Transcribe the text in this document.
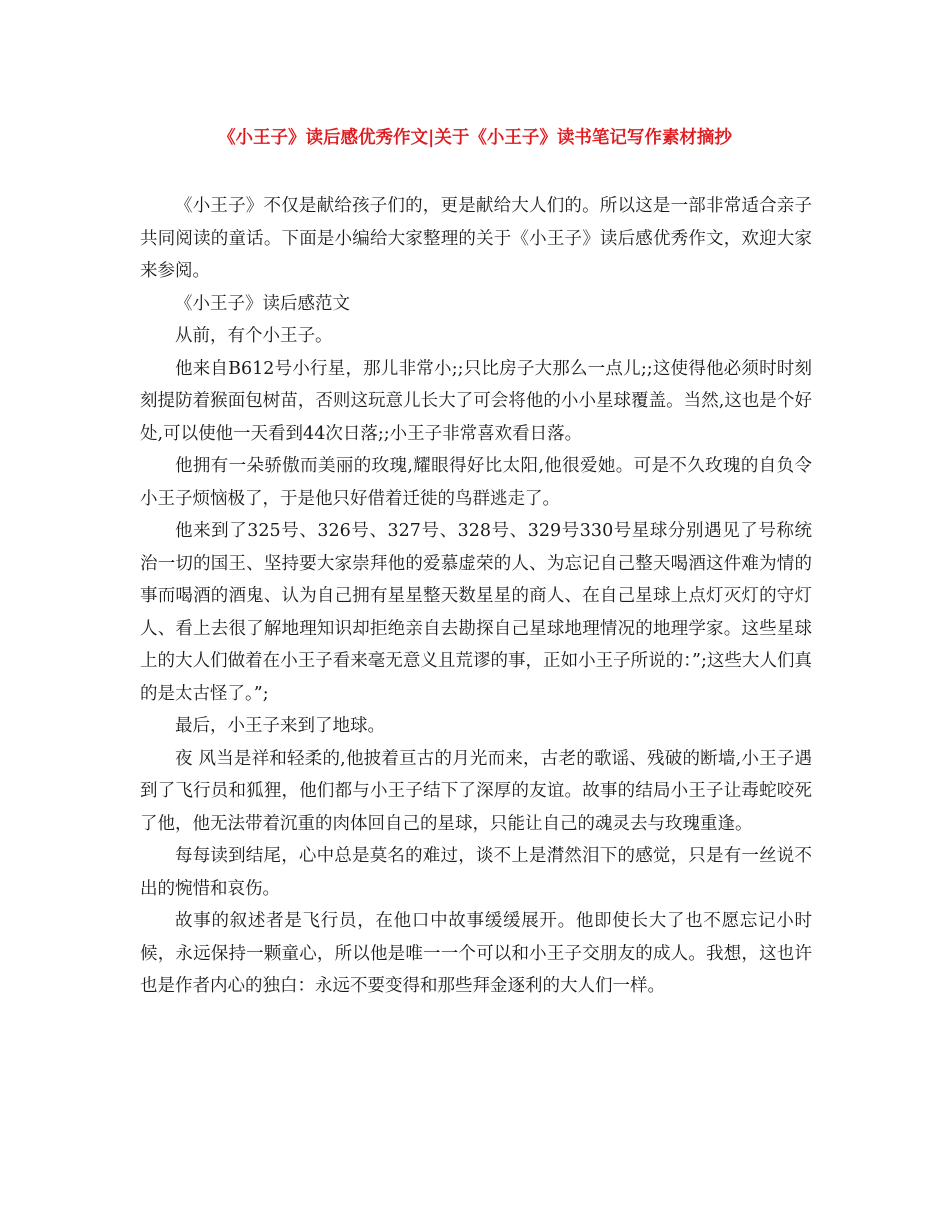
《小王子》读后感优秀作文|关于《小王子》读书笔记写作素材摘抄

《小王子》不仅是献给孩子们的，更是献给大人们的。所以这是一部非常适合亲子共同阅读的童话。下面是小编给大家整理的关于《小王子》读后感优秀作文，欢迎大家来参阅。

《小王子》读后感范文

从前，有个小王子。

他来自B612号小行星，那儿非常小;;只比房子大那么一点儿;;这使得他必须时时刻刻提防着猴面包树苗，否则这玩意儿长大了可会将他的小小星球覆盖。当然,这也是个好处,可以使他一天看到44次日落;;小王子非常喜欢看日落。

他拥有一朵骄傲而美丽的玫瑰,耀眼得好比太阳,他很爱她。可是不久玫瑰的自负令小王子烦恼极了，于是他只好借着迁徙的鸟群逃走了。

他来到了325号、326号、327号、328号、329号330号星球分别遇见了号称统治一切的国王、坚持要大家崇拜他的爱慕虚荣的人、为忘记自己整天喝酒这件难为情的事而喝酒的酒鬼、认为自己拥有星星整天数星星的商人、在自己星球上点灯灭灯的守灯人、看上去很了解地理知识却拒绝亲自去勘探自己星球地理情况的地理学家。这些星球上的大人们做着在小王子看来毫无意义且荒谬的事，正如小王子所说的：”;这些大人们真的是太古怪了。”;

最后，小王子来到了地球。

夜 风当是祥和轻柔的,他披着亘古的月光而来，古老的歌谣、残破的断墙,小王子遇到了飞行员和狐狸，他们都与小王子结下了深厚的友谊。故事的结局小王子让毒蛇咬死了他，他无法带着沉重的肉体回自己的星球，只能让自己的魂灵去与玫瑰重逢。

每每读到结尾，心中总是莫名的难过，谈不上是潸然泪下的感觉，只是有一丝说不出的惋惜和哀伤。

故事的叙述者是飞行员，在他口中故事缓缓展开。他即使长大了也不愿忘记小时候，永远保持一颗童心，所以他是唯一一个可以和小王子交朋友的成人。我想，这也许也是作者内心的独白：永远不要变得和那些拜金逐利的大人们一样。
